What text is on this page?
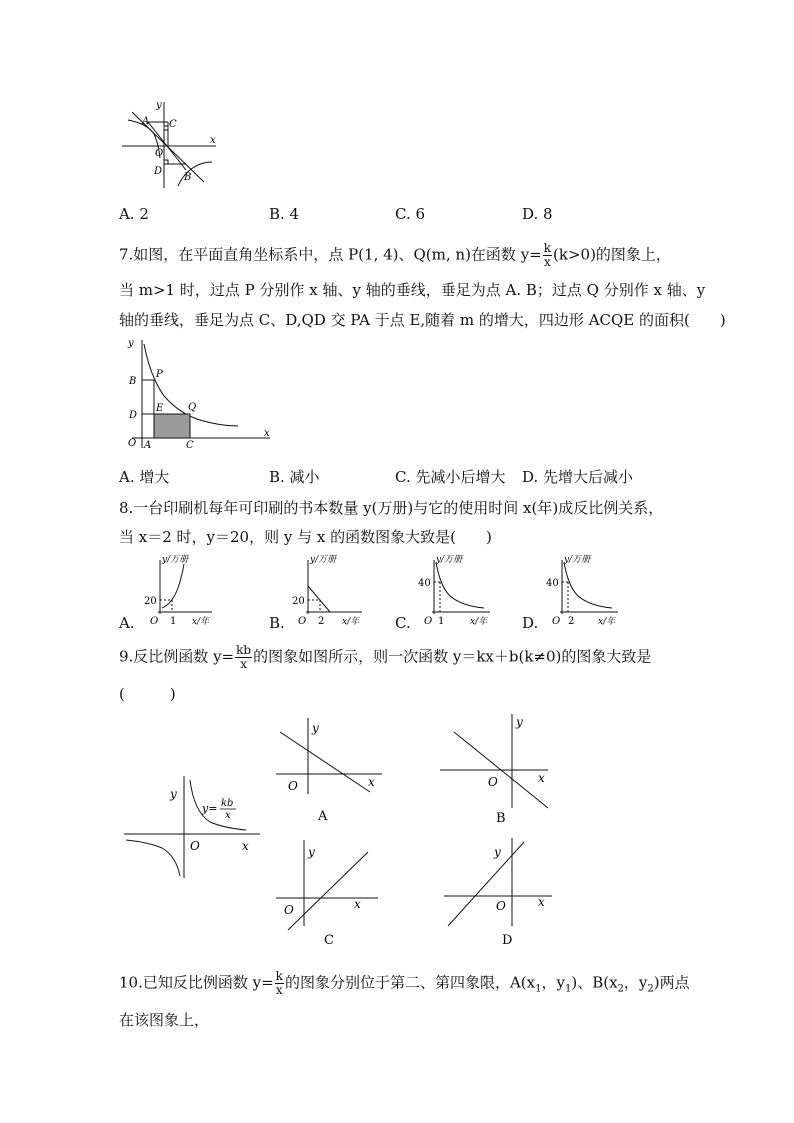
y
x
A C
O
D
B
A. 2	B. 4	C. 6	D. 8
7.如图，在平面直角坐标系中，点 P(1, 4)、Q(m, n)在函数 $y= \frac{k}{x} (k>0)$的图象上，
当 m>1 时，过点 P 分别作 x 轴、y 轴的垂线，垂足为点 A. B；过点 Q 分别作 x 轴、y
轴的垂线，垂足为点 C、D,QD 交 PA 于点 E,随着 m 的增大，四边形 ACQE 的面积(　　)
y
B
P
D
E Q
O A	C
x
A. 增大	B. 减小	C. 先减小后增大 D. 先增大后减小
8.一台印刷机每年可印刷的书本数量 y(万册)与它的使用时间 x(年)成反比例关系，
当 x＝2 时，y＝20，则 y 与 x 的函数图象大致是(　　)
A.
y/万册
20
O 1 x/年	B.
y/万册
20
O 2 x/年 C.
y/万册
40
O 1	x/年 D.
y/万册
40
O 2	x/年
9.反比例函数 $y= \frac{kb}{x}$ 的图象如图所示，则一次函数 y＝kx＋b(k≠0)的图象大致是
(　　　)
y
x
O
y= kb
x
y
x
O
A
y
x
O
B
y
x
O
C
y
x
O
D
10.已知反比例函数 $y= \frac{k}{x}$ 的图象分别位于第二、第四象限，$A(x_1$，$y_1$)、$B(x_2$，$y_2$)两点
在该图象上，
